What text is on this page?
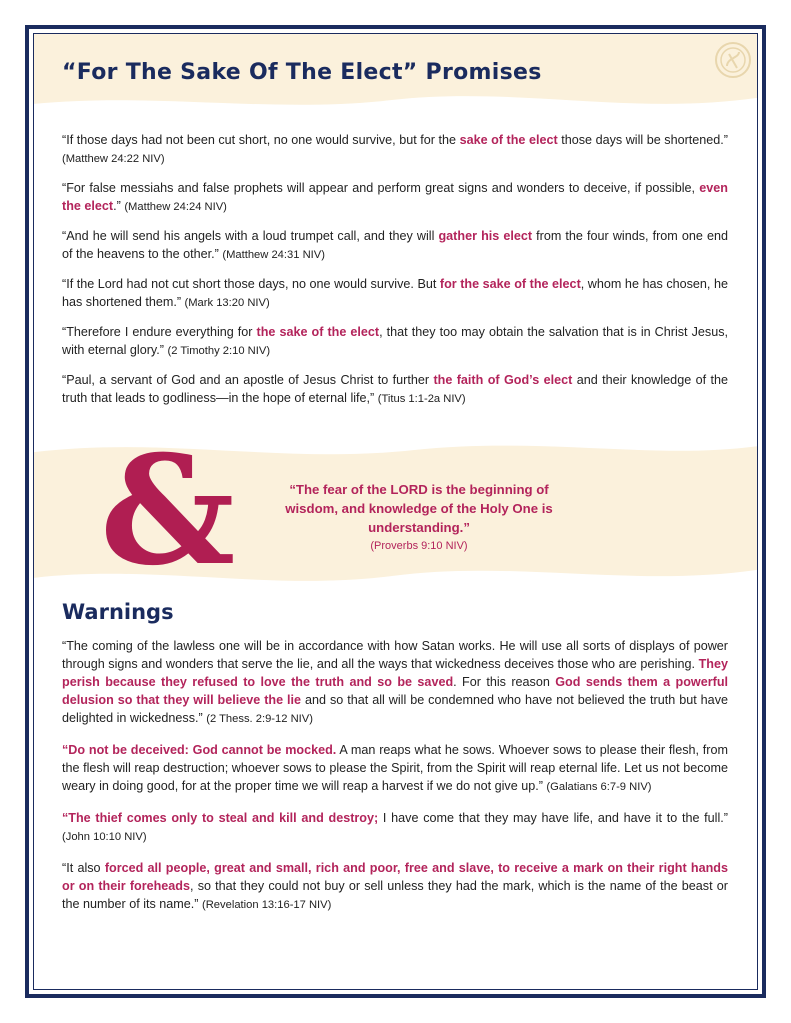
“For The Sake Of The Elect” Promises

“If those days had not been cut short, no one would survive, but for the sake of the elect those days will be shortened.” (Matthew 24:22 NIV)

“For false messiahs and false prophets will appear and perform great signs and wonders to deceive, if possible, even the elect.” (Matthew 24:24 NIV)

“And he will send his angels with a loud trumpet call, and they will gather his elect from the four winds, from one end of the heavens to the other.” (Matthew 24:31 NIV)

“If the Lord had not cut short those days, no one would survive. But for the sake of the elect, whom he has chosen, he has shortened them.” (Mark 13:20 NIV)

“Therefore I endure everything for the sake of the elect, that they too may obtain the salvation that is in Christ Jesus, with eternal glory.” (2 Timothy 2:10 NIV)

“Paul, a servant of God and an apostle of Jesus Christ to further the faith of God’s elect and their knowledge of the truth that leads to godliness—in the hope of eternal life,” (Titus 1:1-2a NIV)

&	“The fear of the LORD is the beginning of wisdom, and knowledge of the Holy One is understanding.”
(Proverbs 9:10 NIV)
Warnings

“The coming of the lawless one will be in accordance with how Satan works. He will use all sorts of displays of power through signs and wonders that serve the lie, and all the ways that wickedness deceives those who are perishing. They perish because they refused to love the truth and so be saved. For this reason God sends them a powerful delusion so that they will believe the lie and so that all will be condemned who have not believed the truth but have delighted in wickedness.” (2 Thess. 2:9-12 NIV)

“Do not be deceived: God cannot be mocked. A man reaps what he sows. Whoever sows to please their flesh, from the flesh will reap destruction; whoever sows to please the Spirit, from the Spirit will reap eternal life. Let us not become weary in doing good, for at the proper time we will reap a harvest if we do not give up.” (Galatians 6:7-9 NIV)

“The thief comes only to steal and kill and destroy; I have come that they may have life, and have it to the full.” (John 10:10 NIV)

“It also forced all people, great and small, rich and poor, free and slave, to receive a mark on their right hands or on their foreheads, so that they could not buy or sell unless they had the mark, which is the name of the beast or the number of its name.” (Revelation 13:16-17 NIV)
